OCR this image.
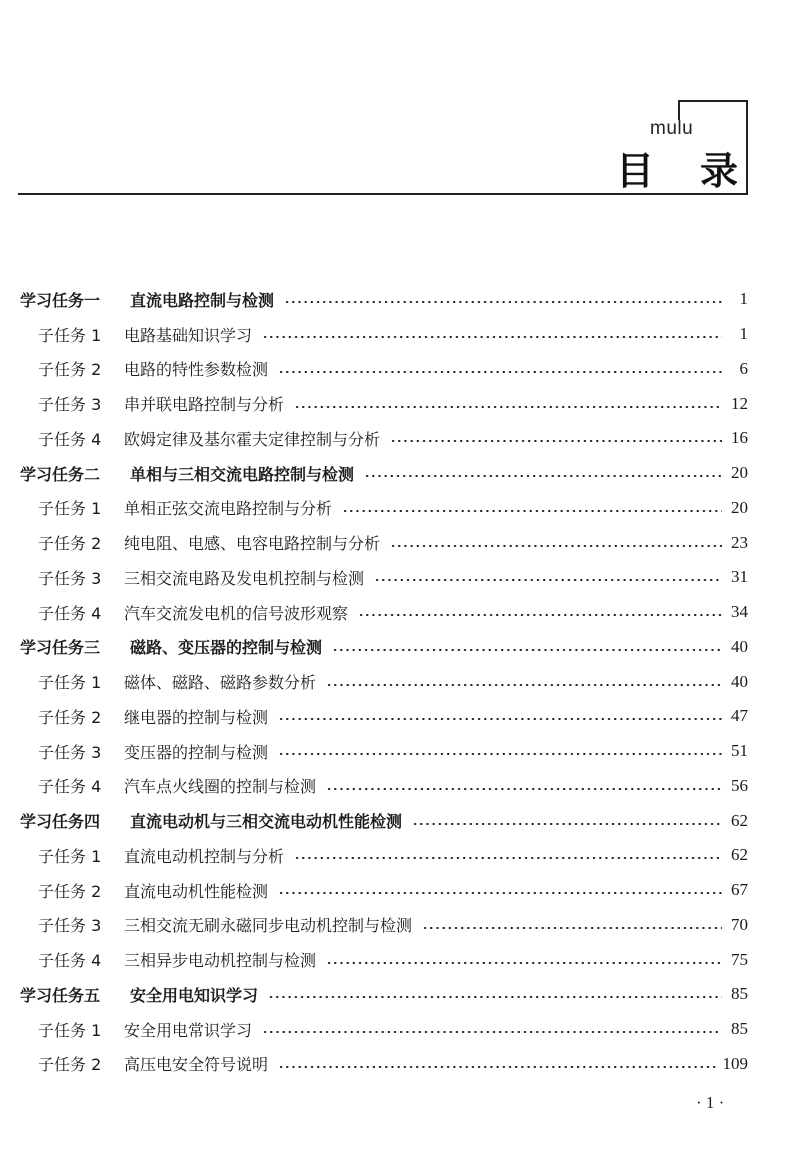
mulu
目录
学习任务一	直流电路控制与检测	1
子任务 1	电路基础知识学习	1
子任务 2	电路的特性参数检测	6
子任务 3	串并联电路控制与分析	12
子任务 4	欧姆定律及基尔霍夫定律控制与分析	16
学习任务二	单相与三相交流电路控制与检测	20
子任务 1	单相正弦交流电路控制与分析	20
子任务 2	纯电阻、电感、电容电路控制与分析	23
子任务 3	三相交流电路及发电机控制与检测	31
子任务 4	汽车交流发电机的信号波形观察	34
学习任务三	磁路、变压器的控制与检测	40
子任务 1	磁体、磁路、磁路参数分析	40
子任务 2	继电器的控制与检测	47
子任务 3	变压器的控制与检测	51
子任务 4	汽车点火线圈的控制与检测	56
学习任务四	直流电动机与三相交流电动机性能检测	62
子任务 1	直流电动机控制与分析	62
子任务 2	直流电动机性能检测	67
子任务 3	三相交流无刷永磁同步电动机控制与检测	70
子任务 4	三相异步电动机控制与检测	75
学习任务五	安全用电知识学习	85
子任务 1	安全用电常识学习	85
子任务 2	高压电安全符号说明	109
· 1 ·
